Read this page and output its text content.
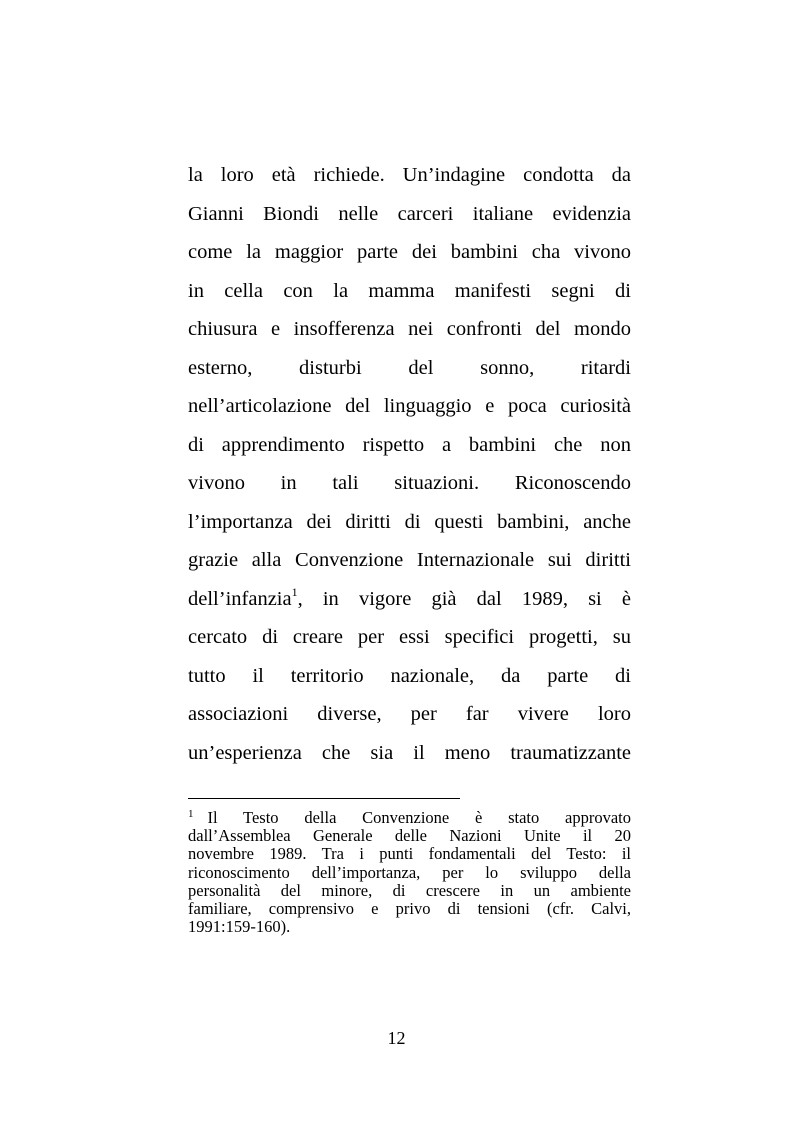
la loro età richiede. Un’indagine condotta da
Gianni Biondi nelle carceri italiane evidenzia
come la maggior parte dei bambini cha vivono
in cella con la mamma manifesti segni di
chiusura e insofferenza nei confronti del mondo
esterno, disturbi del sonno, ritardi
nell’articolazione del linguaggio e poca curiosità
di apprendimento rispetto a bambini che non
vivono in tali situazioni. Riconoscendo
l’importanza dei diritti di questi bambini, anche
grazie alla Convenzione Internazionale sui diritti
dell’infanzia$^1$, in vigore già dal 1989, si è
cercato di creare per essi specifici progetti, su
tutto il territorio nazionale, da parte di
associazioni diverse, per far vivere loro
un’esperienza che sia il meno traumatizzante
$^1$ Il Testo della Convenzione è stato approvato
dall’Assemblea Generale delle Nazioni Unite il 20
novembre 1989. Tra i punti fondamentali del Testo: il
riconoscimento dell’importanza, per lo sviluppo della
personalità del minore, di crescere in un ambiente
familiare, comprensivo e privo di tensioni (cfr. Calvi,
1991:159-160).
12
